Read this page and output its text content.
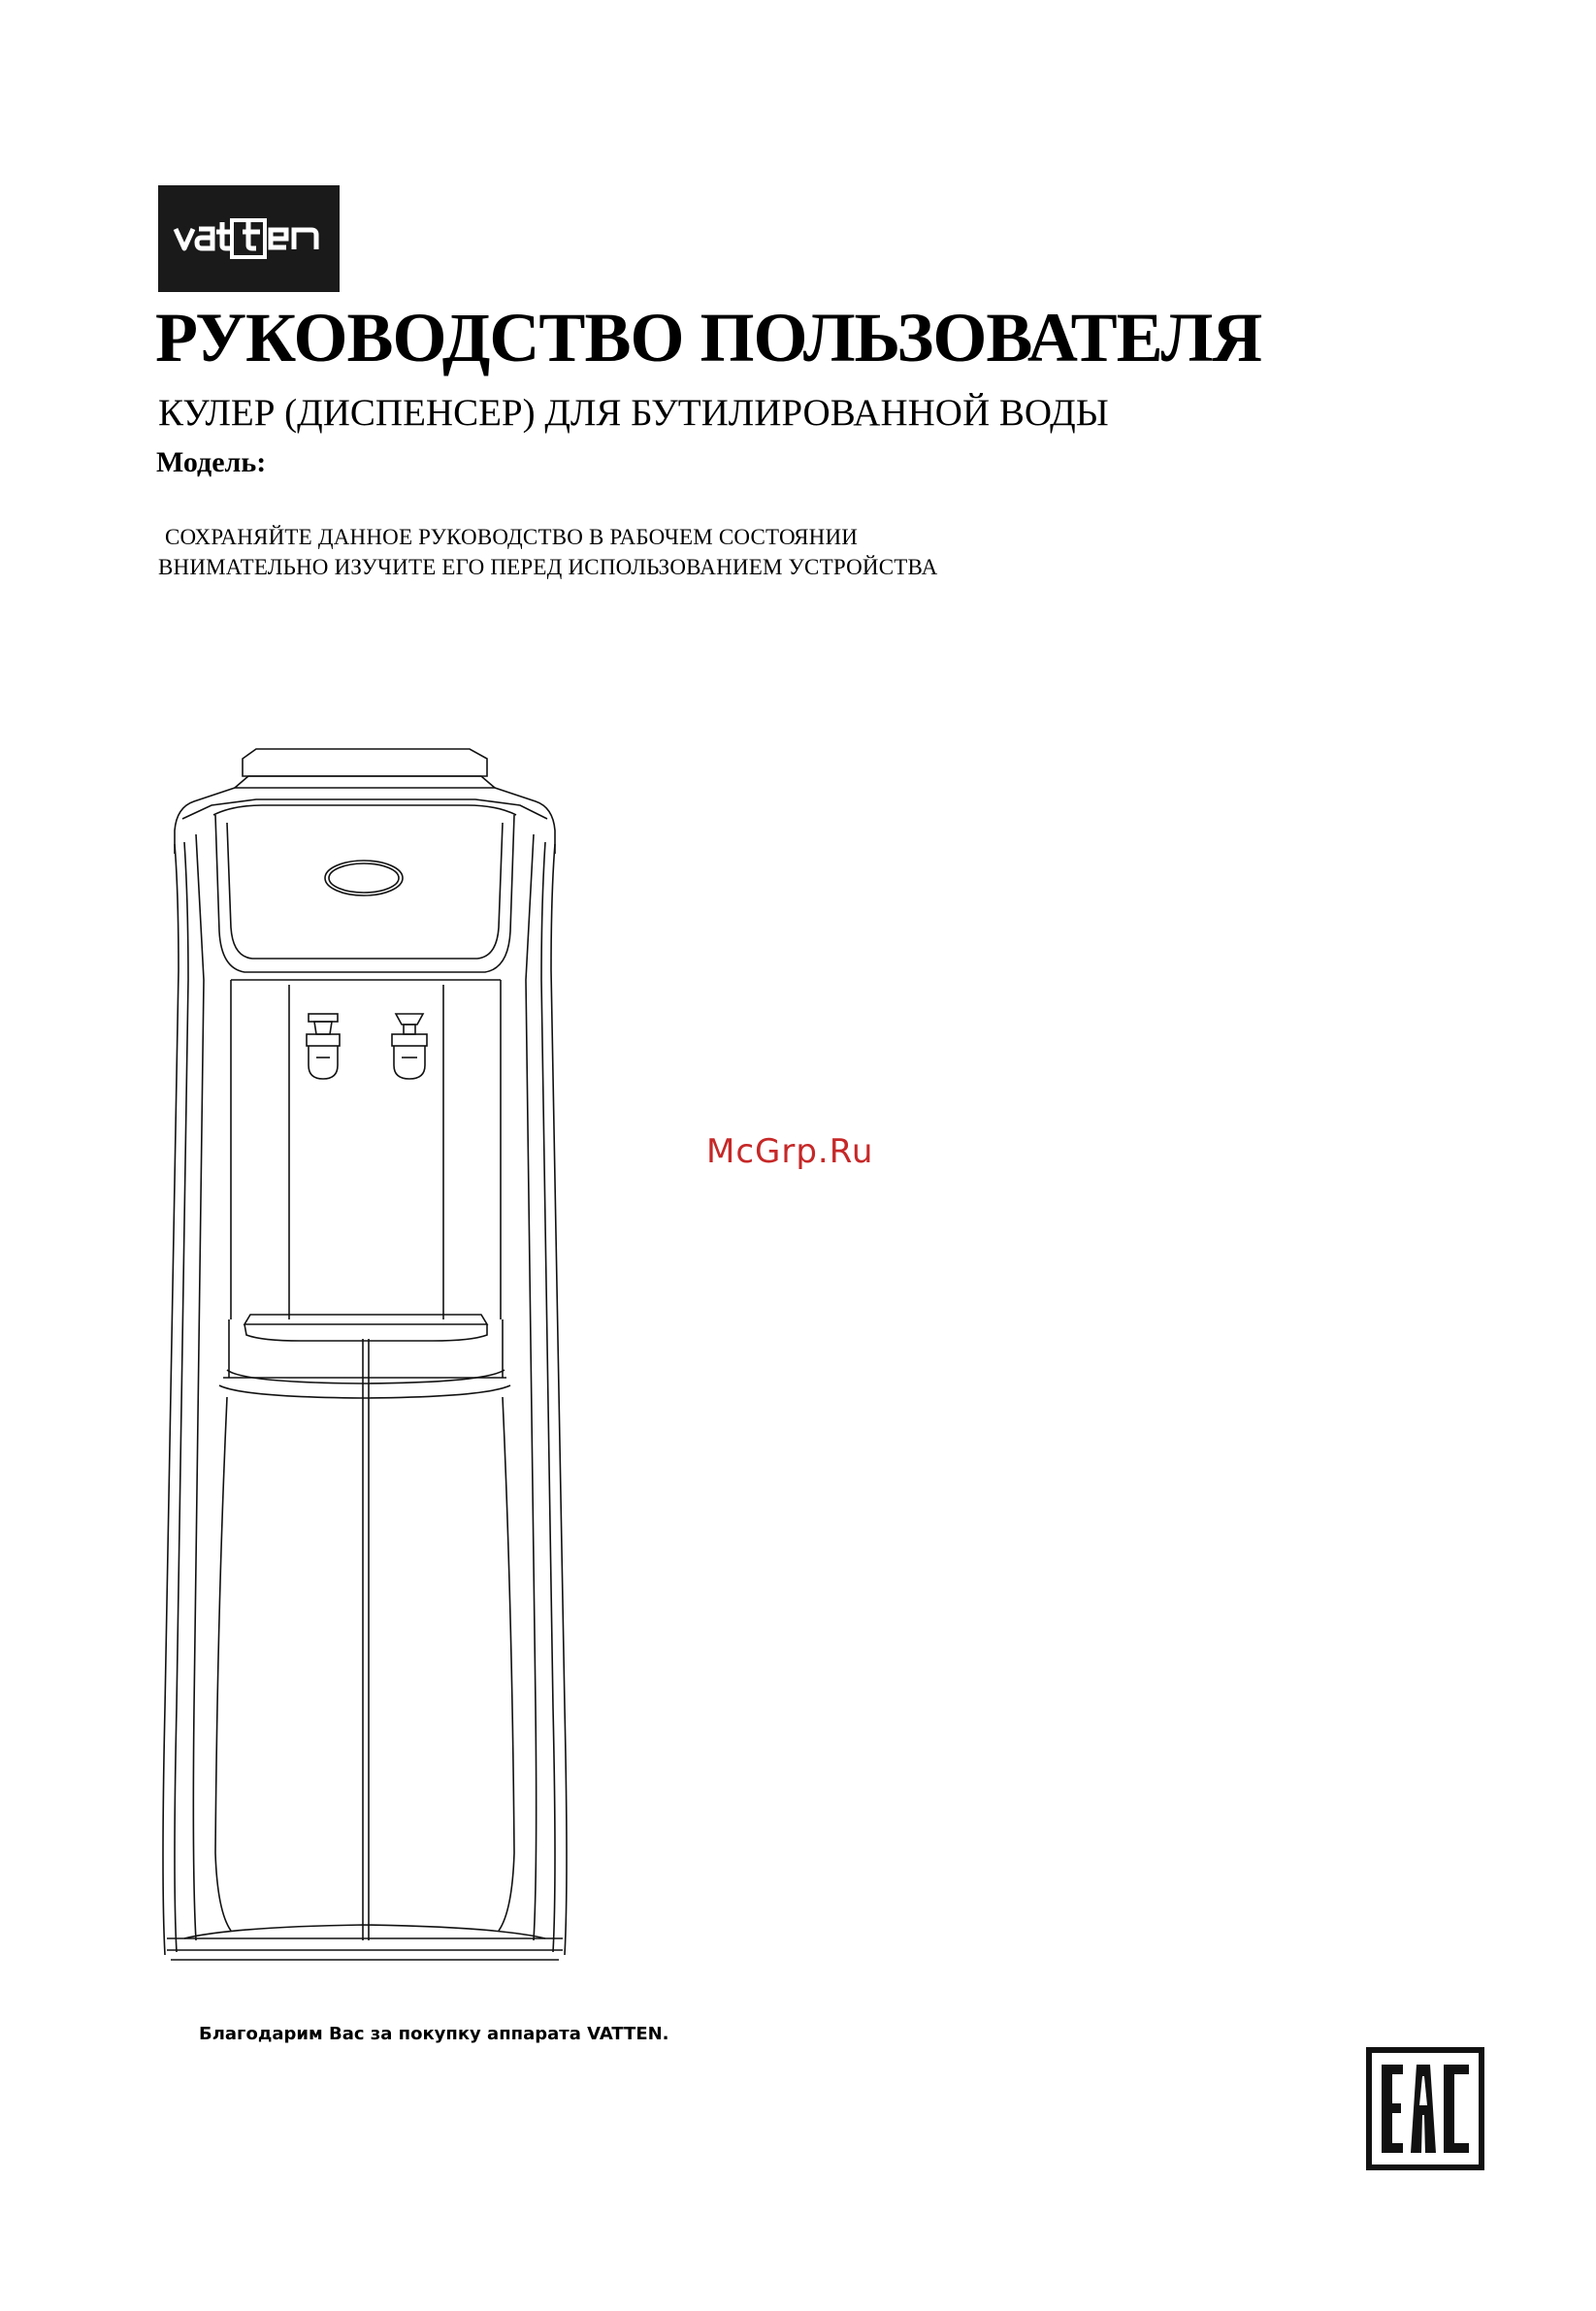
РУКОВОДСТВО ПОЛЬЗОВАТЕЛЯ
КУЛЕР (ДИСПЕНСЕР) ДЛЯ БУТИЛИРОВАННОЙ ВОДЫ
Модель:
СОХРАНЯЙТЕ ДАННОЕ РУКОВОДСТВО В РАБОЧЕМ СОСТОЯНИИ
ВНИМАТЕЛЬНО ИЗУЧИТЕ ЕГО ПЕРЕД ИСПОЛЬЗОВАНИЕМ УСТРОЙСТВА
McGrp.Ru
Благодарим Вас за покупку аппарата VATTEN.
